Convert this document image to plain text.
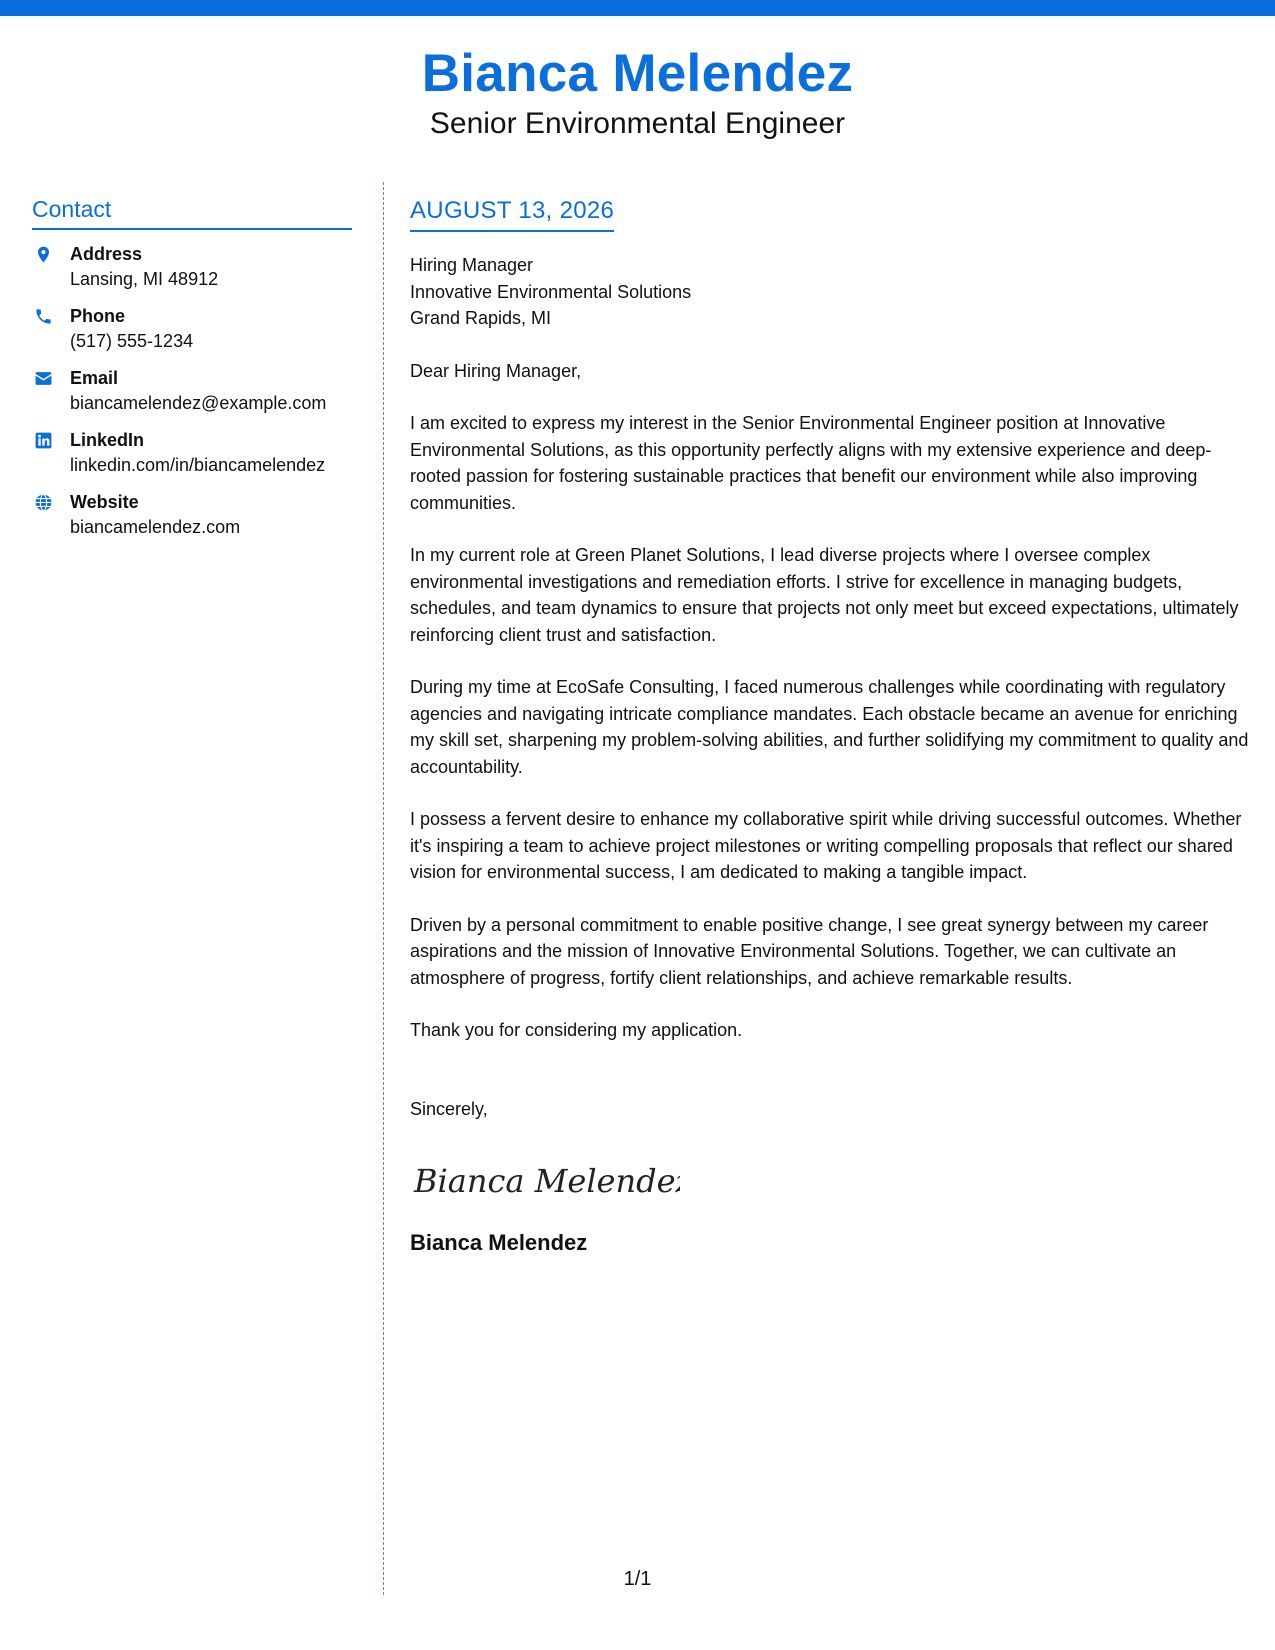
Bianca Melendez
Senior Environmental Engineer
Contact
Address
Lansing, MI 48912
Phone
(517) 555-1234
Email
biancamelendez@example.com
LinkedIn
linkedin.com/in/biancamelendez
Website
biancamelendez.com
AUGUST 13, 2026
Hiring Manager
Innovative Environmental Solutions
Grand Rapids, MI
Dear Hiring Manager,
I am excited to express my interest in the Senior Environmental Engineer position at Innovative Environmental Solutions, as this opportunity perfectly aligns with my extensive experience and deep-rooted passion for fostering sustainable practices that benefit our environment while also improving communities.
In my current role at Green Planet Solutions, I lead diverse projects where I oversee complex environmental investigations and remediation efforts. I strive for excellence in managing budgets, schedules, and team dynamics to ensure that projects not only meet but exceed expectations, ultimately reinforcing client trust and satisfaction.
During my time at EcoSafe Consulting, I faced numerous challenges while coordinating with regulatory agencies and navigating intricate compliance mandates. Each obstacle became an avenue for enriching my skill set, sharpening my problem-solving abilities, and further solidifying my commitment to quality and accountability.
I possess a fervent desire to enhance my collaborative spirit while driving successful outcomes. Whether it's inspiring a team to achieve project milestones or writing compelling proposals that reflect our shared vision for environmental success, I am dedicated to making a tangible impact.
Driven by a personal commitment to enable positive change, I see great synergy between my career aspirations and the mission of Innovative Environmental Solutions. Together, we can cultivate an atmosphere of progress, fortify client relationships, and achieve remarkable results.
Thank you for considering my application.
Sincerely,
Bianca Melendez
Bianca Melendez
1/1
